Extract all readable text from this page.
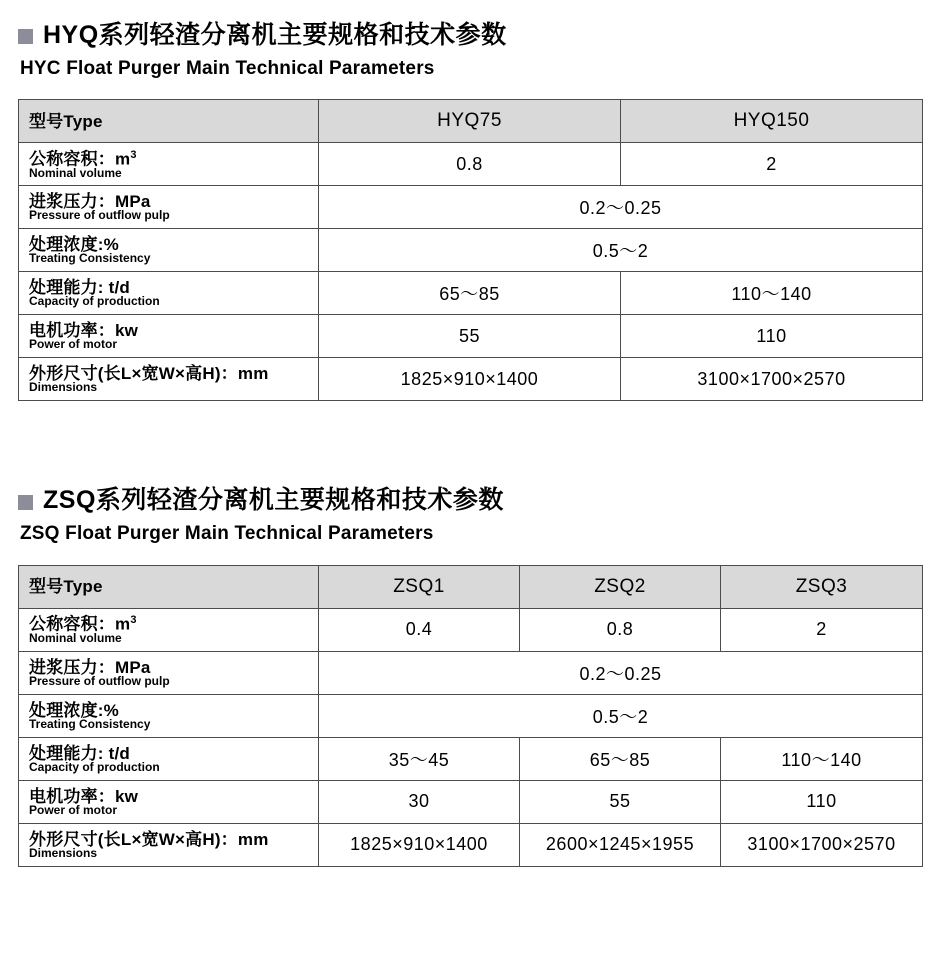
HYQ系列轻渣分离机主要规格和技术参数
HYC Float Purger Main Technical Parameters
型号Type	HYQ75	HYQ150

公称容积：$m^3$
Nominal volume	0.8	2

进浆压力：MPa
Pressure of outflow pulp	0.2～0.25	

处理浓度:%
Treating Consistency	0.5～2	

处理能力: t/d
Capacity of production	65～85	110～140

电机功率：kw
Power of motor	55	110

外形尺寸(长L×宽W×高H)：mm
Dimensions	1825×910×1400	3100×1700×2570
ZSQ系列轻渣分离机主要规格和技术参数
ZSQ Float Purger Main Technical Parameters
型号Type	ZSQ1	ZSQ2	ZSQ3

公称容积：$m^3$
Nominal volume	0.4	0.8	2

进浆压力：MPa
Pressure of outflow pulp	0.2～0.25		

处理浓度:%
Treating Consistency	0.5～2		

处理能力: t/d
Capacity of production	35～45	65～85	110～140

电机功率：kw
Power of motor	30	55	110

外形尺寸(长L×宽W×高H)：mm
Dimensions	1825×910×1400	2600×1245×1955	3100×1700×2570
